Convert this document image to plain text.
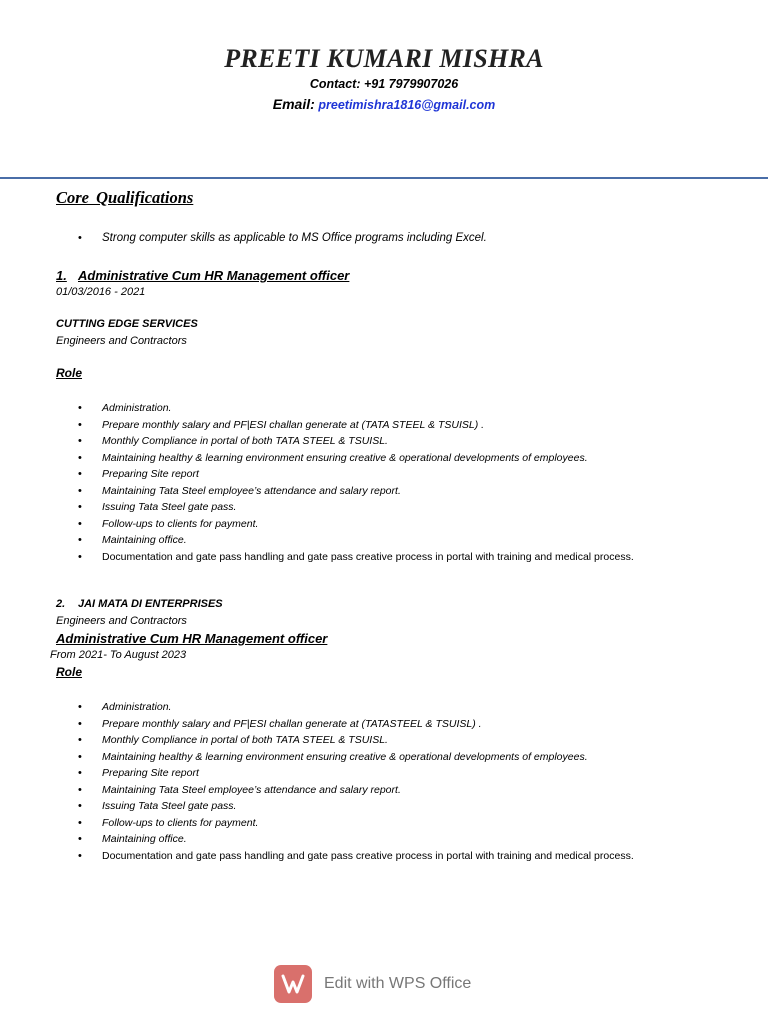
PREETI KUMARI MISHRA
Contact: +91 7979907026
Email: preetimishra1816@gmail.com
Core Qualifications
• Strong computer skills as applicable to MS Office programs including Excel.
1. Administrative Cum HR Management officer
01/03/2016 - 2021
CUTTING EDGE SERVICES
Engineers and Contractors
Role
• Administration.
• Prepare monthly salary and PF|ESI challan generate at (TATA STEEL & TSUISL) .
• Monthly Compliance in portal of both TATA STEEL & TSUISL.
• Maintaining healthy & learning environment ensuring creative & operational developments of employees.
• Preparing Site report
• Maintaining Tata Steel employee’s attendance and salary report.
• Issuing Tata Steel gate pass.
• Follow-ups to clients for payment.
• Maintaining office.
• Documentation and gate pass handling and gate pass creative process in portal with training and medical process.
2. JAI MATA DI ENTERPRISES
Engineers and Contractors
Administrative Cum HR Management officer
From 2021- To August 2023
Role
• Administration.
• Prepare monthly salary and PF|ESI challan generate at (TATASTEEL & TSUISL) .
• Monthly Compliance in portal of both TATA STEEL & TSUISL.
• Maintaining healthy & learning environment ensuring creative & operational developments of employees.
• Preparing Site report
• Maintaining Tata Steel employee’s attendance and salary report.
• Issuing Tata Steel gate pass.
• Follow-ups to clients for payment.
• Maintaining office.
• Documentation and gate pass handling and gate pass creative process in portal with training and medical process.
Edit with WPS Office
